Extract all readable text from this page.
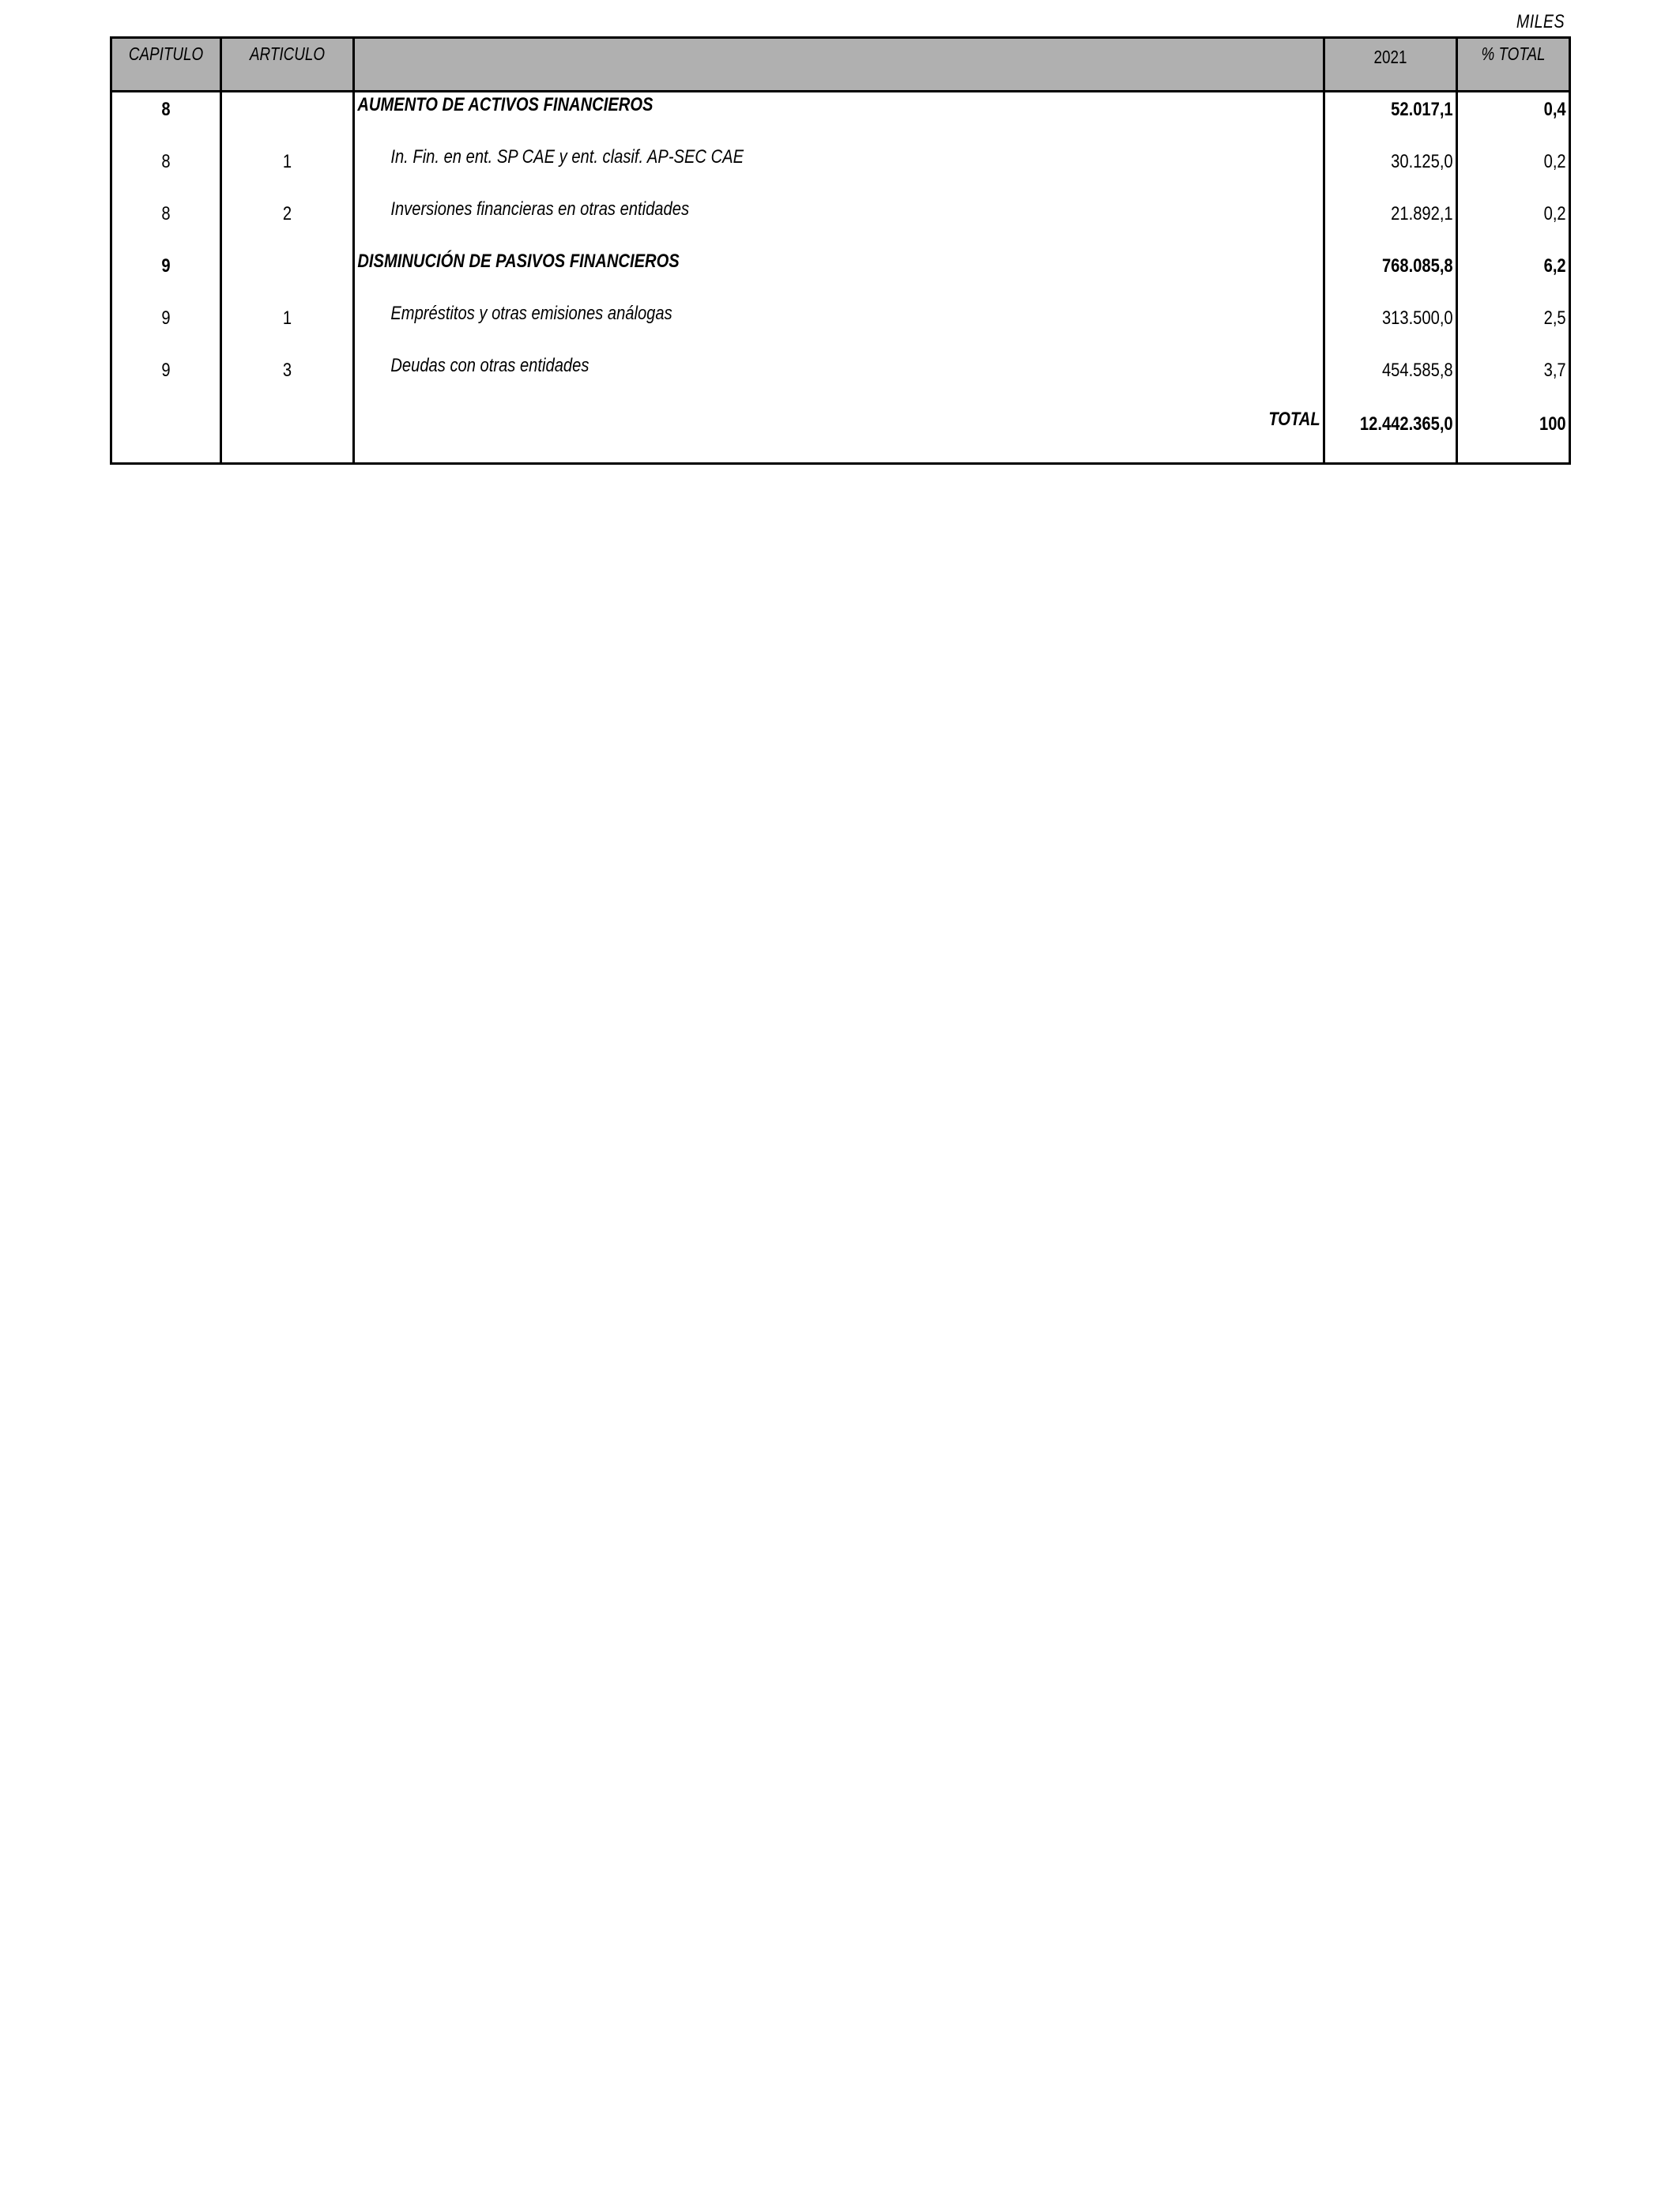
MILES
CAPITULO	ARTICULO		2021	% TOTAL

8		AUMENTO DE ACTIVOS FINANCIEROS	52.017,1	0,4

8	1	In. Fin. en ent. SP CAE y ent. clasif. AP-SEC CAE	30.125,0	0,2

8	2	Inversiones financieras en otras entidades	21.892,1	0,2

9		DISMINUCIÓN DE PASIVOS FINANCIEROS	768.085,8	6,2

9	1	Empréstitos y otras emisiones análogas	313.500,0	2,5

9	3	Deudas con otras entidades	454.585,8	3,7

		TOTAL	12.442.365,0	100
